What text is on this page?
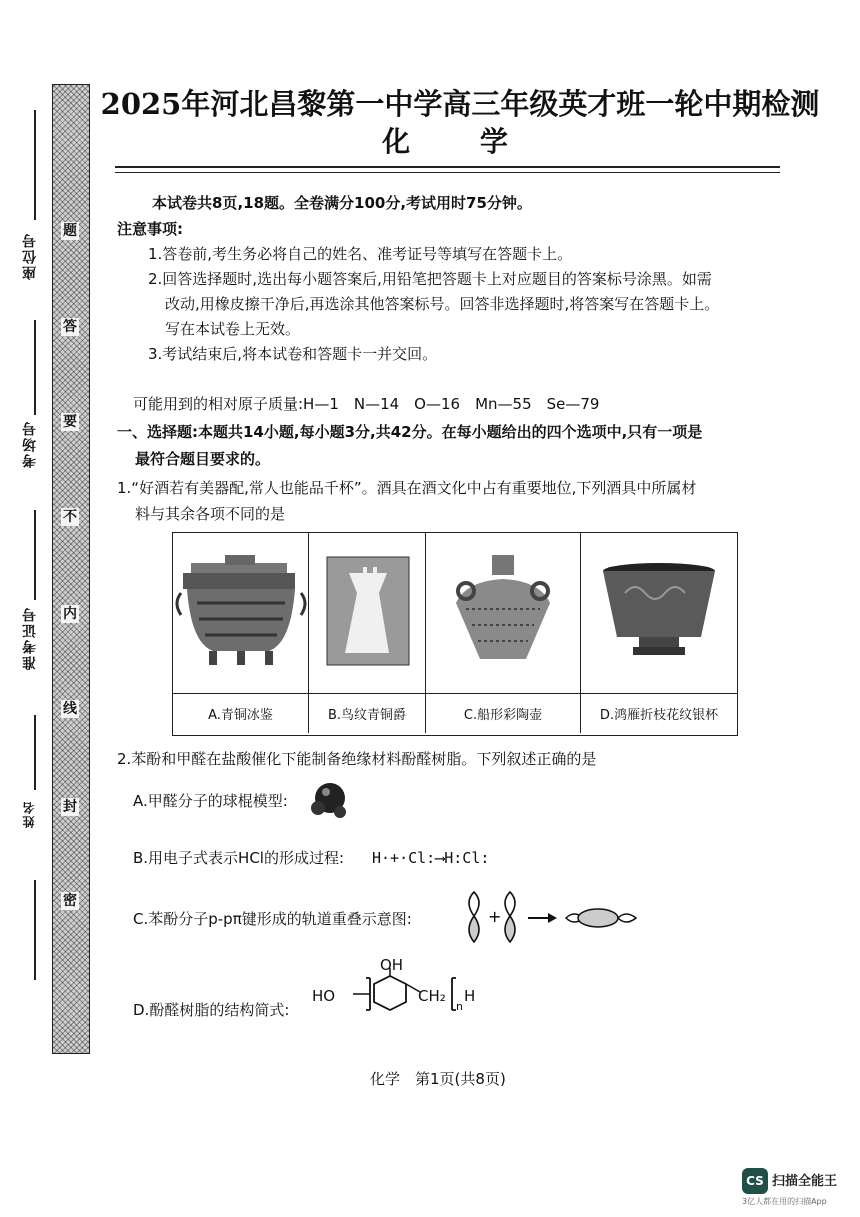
题
答
要
不
内
线
封
密
座位号
考场号
准考证号
姓名
2025年河北昌黎第一中学高三年级英才班一轮中期检测
化 学
本试卷共8页,18题。全卷满分100分,考试用时75分钟。
注意事项:
1.答卷前,考生务必将自己的姓名、准考证号等填写在答题卡上。
2.回答选择题时,选出每小题答案后,用铅笔把答题卡上对应题目的答案标号涂黑。如需
改动,用橡皮擦干净后,再选涂其他答案标号。回答非选择题时,将答案写在答题卡上。
写在本试卷上无效。
3.考试结束后,将本试卷和答题卡一并交回。
可能用到的相对原子质量:H—1　N—14　O—16　Mn—55　Se—79
一、选择题:本题共14小题,每小题3分,共42分。在每小题给出的四个选项中,只有一项是
最符合题目要求的。
1.“好酒若有美器配,常人也能品千杯”。酒具在酒文化中占有重要地位,下列酒具中所属材
料与其余各项不同的是
A.青铜冰鉴	B.鸟纹青铜爵	C.船形彩陶壶	D.鸿雁折枝花纹银杯
2.苯酚和甲醛在盐酸催化下能制备绝缘材料酚醛树脂。下列叙述正确的是
A.甲醛分子的球棍模型:
B.用电子式表示HCl的形成过程: H·+·Cl:⟶H:Cl:
C.苯酚分子p-pπ键形成的轨道重叠示意图:	+
D.酚醛树脂的结构简式:
OH
HO	CH₂
n
H
化学　第1页(共8页)
CS 扫描全能王
3亿人都在用的扫描App
